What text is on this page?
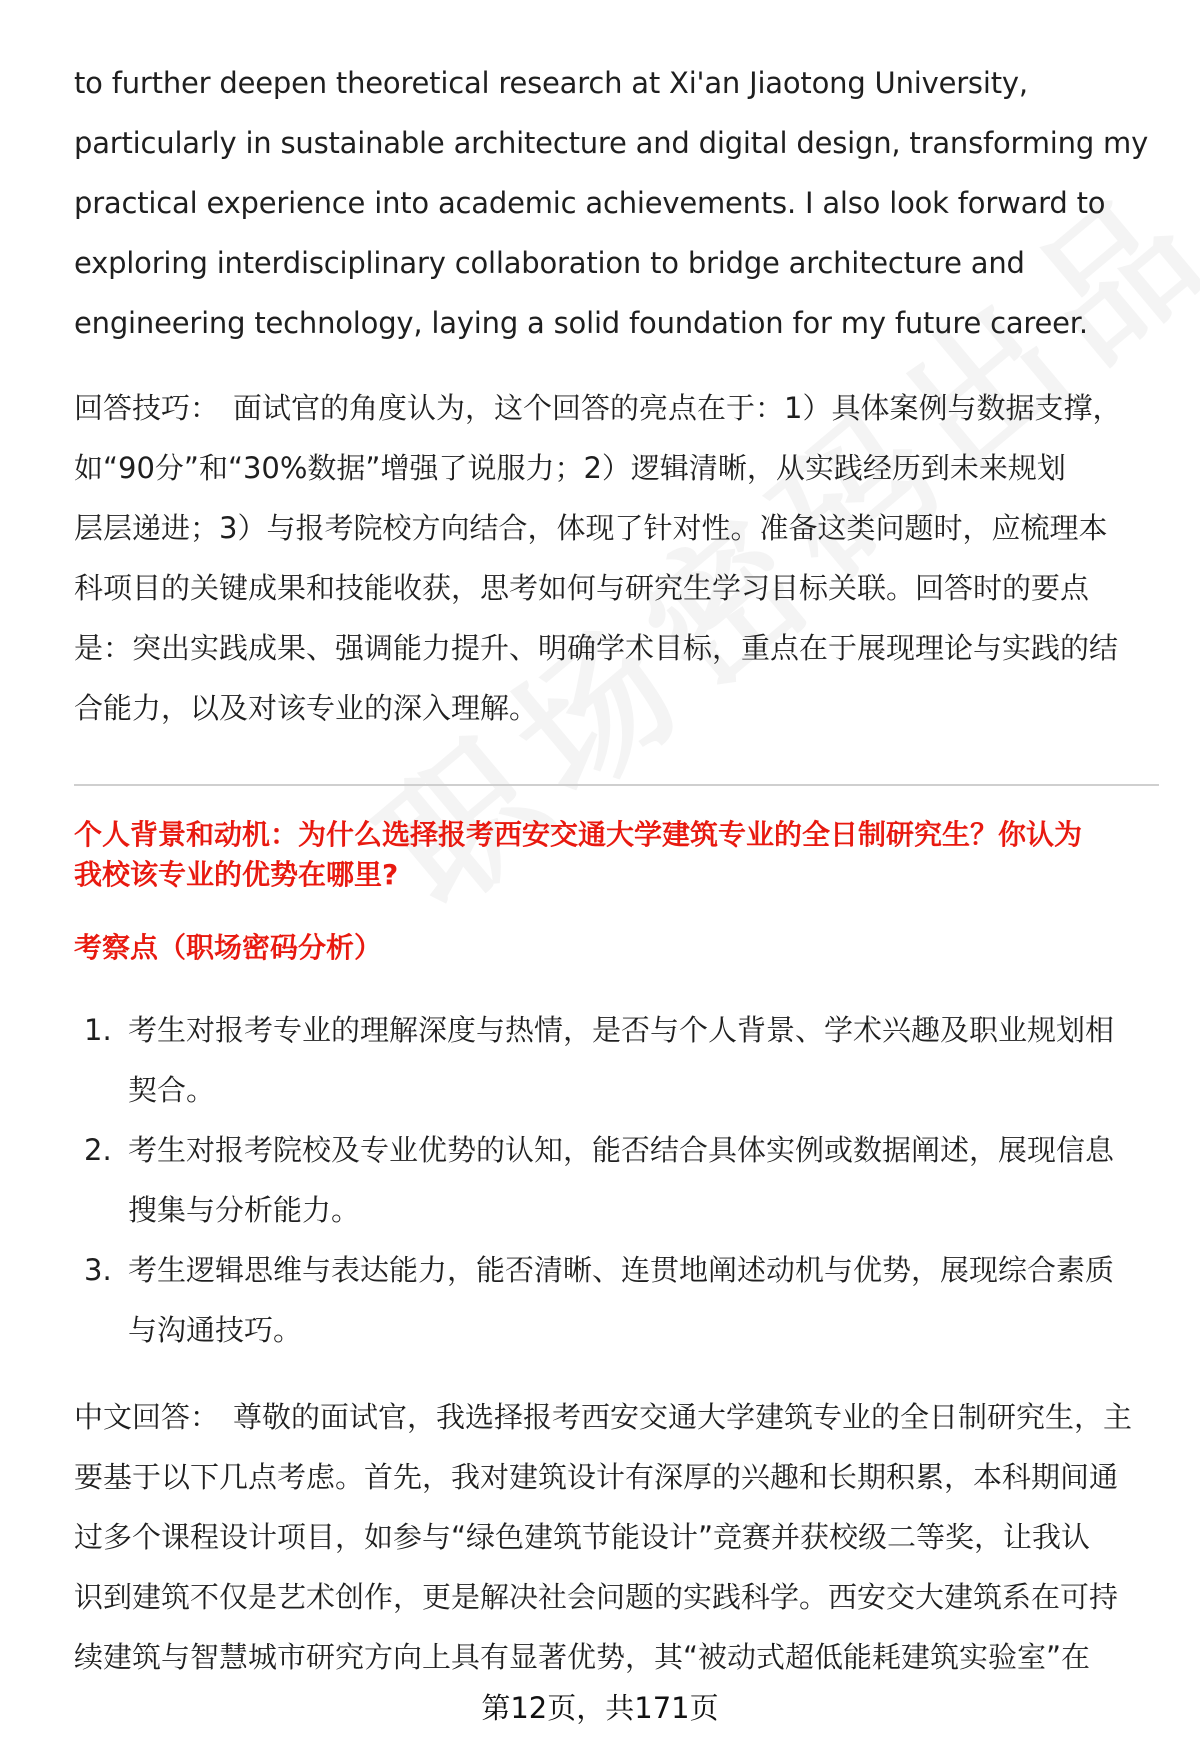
to further deepen theoretical research at Xi'an Jiaotong University,
particularly in sustainable architecture and digital design, transforming my
practical experience into academic achievements. I also look forward to
exploring interdisciplinary collaboration to bridge architecture and
engineering technology, laying a solid foundation for my future career.

回答技巧： 面试官的角度认为，这个回答的亮点在于：1）具体案例与数据支撑，
如“90分”和“30%数据”增强了说服力；2）逻辑清晰，从实践经历到未来规划
层层递进；3）与报考院校方向结合，体现了针对性。准备这类问题时，应梳理本
科项目的关键成果和技能收获，思考如何与研究生学习目标关联。回答时的要点
是：突出实践成果、强调能力提升、明确学术目标，重点在于展现理论与实践的结
合能力，以及对该专业的深入理解。

个人背景和动机：为什么选择报考西安交通大学建筑专业的全日制研究生？你认为
我校该专业的优势在哪里?
考察点（职场密码分析）
1. 考生对报考专业的理解深度与热情，是否与个人背景、学术兴趣及职业规划相
契合。
2. 考生对报考院校及专业优势的认知，能否结合具体实例或数据阐述，展现信息
搜集与分析能力。
3. 考生逻辑思维与表达能力，能否清晰、连贯地阐述动机与优势，展现综合素质
与沟通技巧。

中文回答： 尊敬的面试官，我选择报考西安交通大学建筑专业的全日制研究生，主
要基于以下几点考虑。首先，我对建筑设计有深厚的兴趣和长期积累，本科期间通
过多个课程设计项目，如参与“绿色建筑节能设计”竞赛并获校级二等奖，让我认
识到建筑不仅是艺术创作，更是解决社会问题的实践科学。西安交大建筑系在可持
续建筑与智慧城市研究方向上具有显著优势，其“被动式超低能耗建筑实验室”在

第12页，共171页
